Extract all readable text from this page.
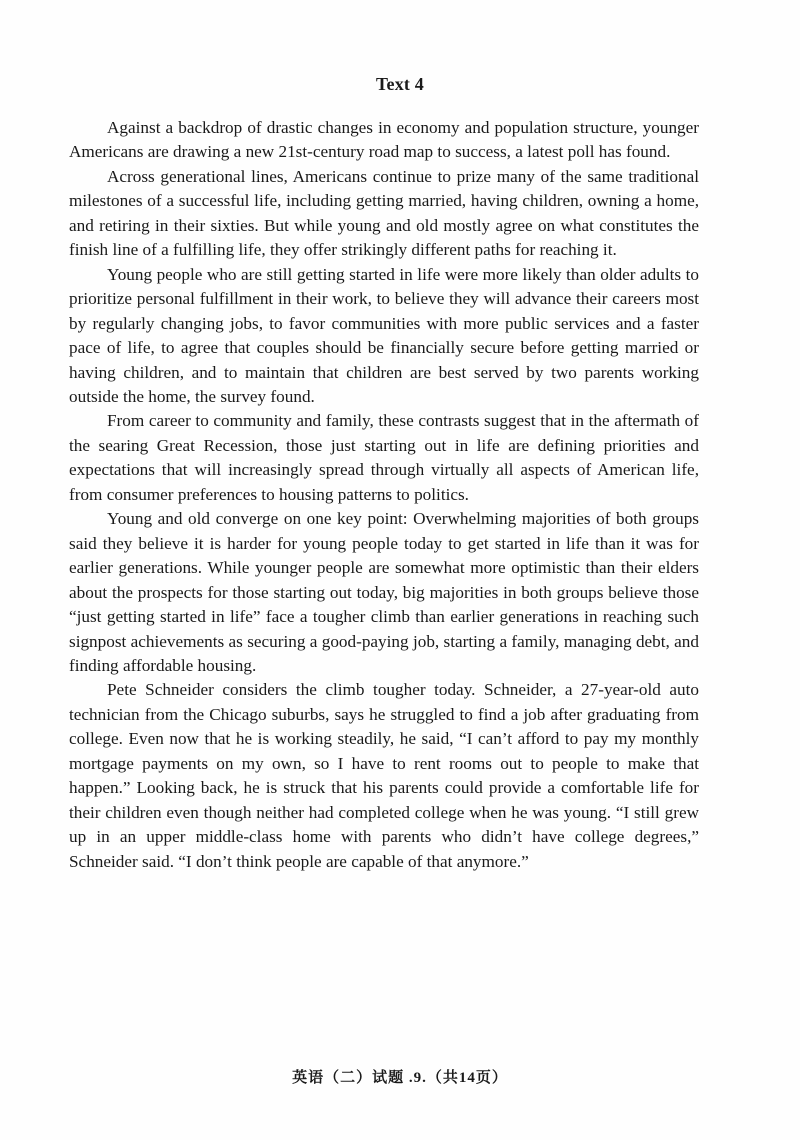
Text 4

Against a backdrop of drastic changes in economy and population structure, younger Americans are drawing a new 21st-century road map to success, a latest poll has found.

Across generational lines, Americans continue to prize many of the same traditional milestones of a successful life, including getting married, having children, owning a home, and retiring in their sixties. But while young and old mostly agree on what constitutes the finish line of a fulfilling life, they offer strikingly different paths for reaching it.

Young people who are still getting started in life were more likely than older adults to prioritize personal fulfillment in their work, to believe they will advance their careers most by regularly changing jobs, to favor communities with more public services and a faster pace of life, to agree that couples should be financially secure before getting married or having children, and to maintain that children are best served by two parents working outside the home, the survey found.

From career to community and family, these contrasts suggest that in the aftermath of the searing Great Recession, those just starting out in life are defining priorities and expectations that will increasingly spread through virtually all aspects of American life, from consumer preferences to housing patterns to politics.

Young and old converge on one key point: Overwhelming majorities of both groups said they believe it is harder for young people today to get started in life than it was for earlier generations. While younger people are somewhat more optimistic than their elders about the prospects for those starting out today, big majorities in both groups believe those “just getting started in life” face a tougher climb than earlier generations in reaching such signpost achievements as securing a good-paying job, starting a family, managing debt, and finding affordable housing.

Pete Schneider considers the climb tougher today. Schneider, a 27-year-old auto technician from the Chicago suburbs, says he struggled to find a job after graduating from college. Even now that he is working steadily, he said, “I can’t afford to pay my monthly mortgage payments on my own, so I have to rent rooms out to people to make that happen.” Looking back, he is struck that his parents could provide a comfortable life for their children even though neither had completed college when he was young. “I still grew up in an upper middle-class home with parents who didn’t have college degrees,” Schneider said. “I don’t think people are capable of that anymore.”

英语（二）试题 .9.（共14页）
